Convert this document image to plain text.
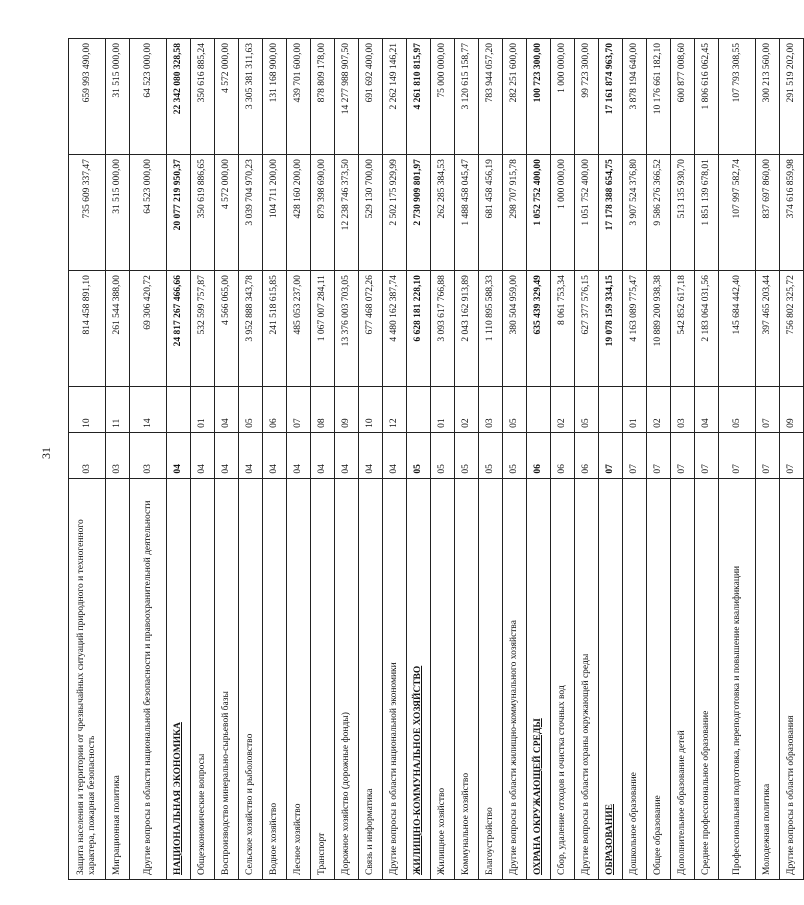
31
Защита населения и территории от чрезвычайных ситуаций природного и техногенного характера, пожарная безопасность	03	10	814 458 891,10	735 609 337,47	659 993 490,00
Миграционная политика	03	11	261 544 388,00	31 515 000,00	31 515 000,00
Другие вопросы в области национальной безопасности и правоохранительной деятельности	03	14	69 306 420,72	64 523 000,00	64 523 000,00
НАЦИОНАЛЬНАЯ ЭКОНОМИКА	04		24 817 267 466,66	20 077 219 950,37	22 342 080 328,58
Общеэкономические вопросы	04	01	532 599 757,87	350 619 886,65	350 616 885,24
Воспроизводство минерально-сырьевой базы	04	04	4 566 065,00	4 572 000,00	4 572 000,00
Сельское хозяйство и рыболовство	04	05	3 952 888 343,78	3 039 704 970,23	3 305 381 311,63
Водное хозяйство	04	06	241 518 615,85	104 711 200,00	131 168 900,00
Лесное хозяйство	04	07	485 053 237,00	428 160 200,00	439 701 600,00
Транспорт	04	08	1 067 007 284,11	879 398 690,00	878 809 178,00
Дорожное хозяйство (дорожные фонды)	04	09	13 376 003 703,05	12 238 746 373,50	14 277 988 907,50
Связь и информатика	04	10	677 468 072,26	529 130 700,00	691 692 400,00
Другие вопросы в области национальной экономики	04	12	4 480 162 387,74	2 502 175 929,99	2 262 149 146,21
ЖИЛИЩНО-КОММУНАЛЬНОЕ ХОЗЯЙСТВО	05		6 628 181 228,10	2 730 909 801,97	4 261 810 815,97
Жилищное хозяйство	05	01	3 093 617 766,88	262 285 384,53	75 000 000,00
Коммунальное хозяйство	05	02	2 043 162 913,89	1 488 458 045,47	3 120 615 158,77
Благоустройство	05	03	1 110 895 588,33	681 458 456,19	783 944 057,20
Другие вопросы в области жилищно-коммунального хозяйства	05	05	380 504 959,00	298 707 915,78	282 251 600,00
ОХРАНА ОКРУЖАЮЩЕЙ СРЕДЫ	06		635 439 329,49	1 052 752 400,00	100 723 300,00
Сбор, удаление отходов и очистка сточных вод	06	02	8 061 753,34	1 000 000,00	1 000 000,00
Другие вопросы в области охраны окружающей среды	06	05	627 377 576,15	1 051 752 400,00	99 723 300,00
ОБРАЗОВАНИЕ	07		19 078 159 334,15	17 178 388 654,75	17 161 874 963,70
Дошкольное образование	07	01	4 163 089 775,47	3 907 524 376,80	3 878 194 640,00
Общее образование	07	02	10 889 200 938,38	9 586 276 366,52	10 176 661 182,10
Дополнительное образование детей	07	03	542 852 617,18	513 135 930,70	600 877 008,60
Среднее профессиональное образование	07	04	2 183 064 031,56	1 851 139 678,01	1 806 616 062,45
Профессиональная подготовка, переподготовка и повышение квалификации	07	05	145 684 442,40	107 997 582,74	107 793 308,55
Молодежная политика	07	07	397 465 203,44	837 697 860,00	300 213 560,00
Другие вопросы в области образования	07	09	756 802 325,72	374 616 859,98	291 519 202,00
